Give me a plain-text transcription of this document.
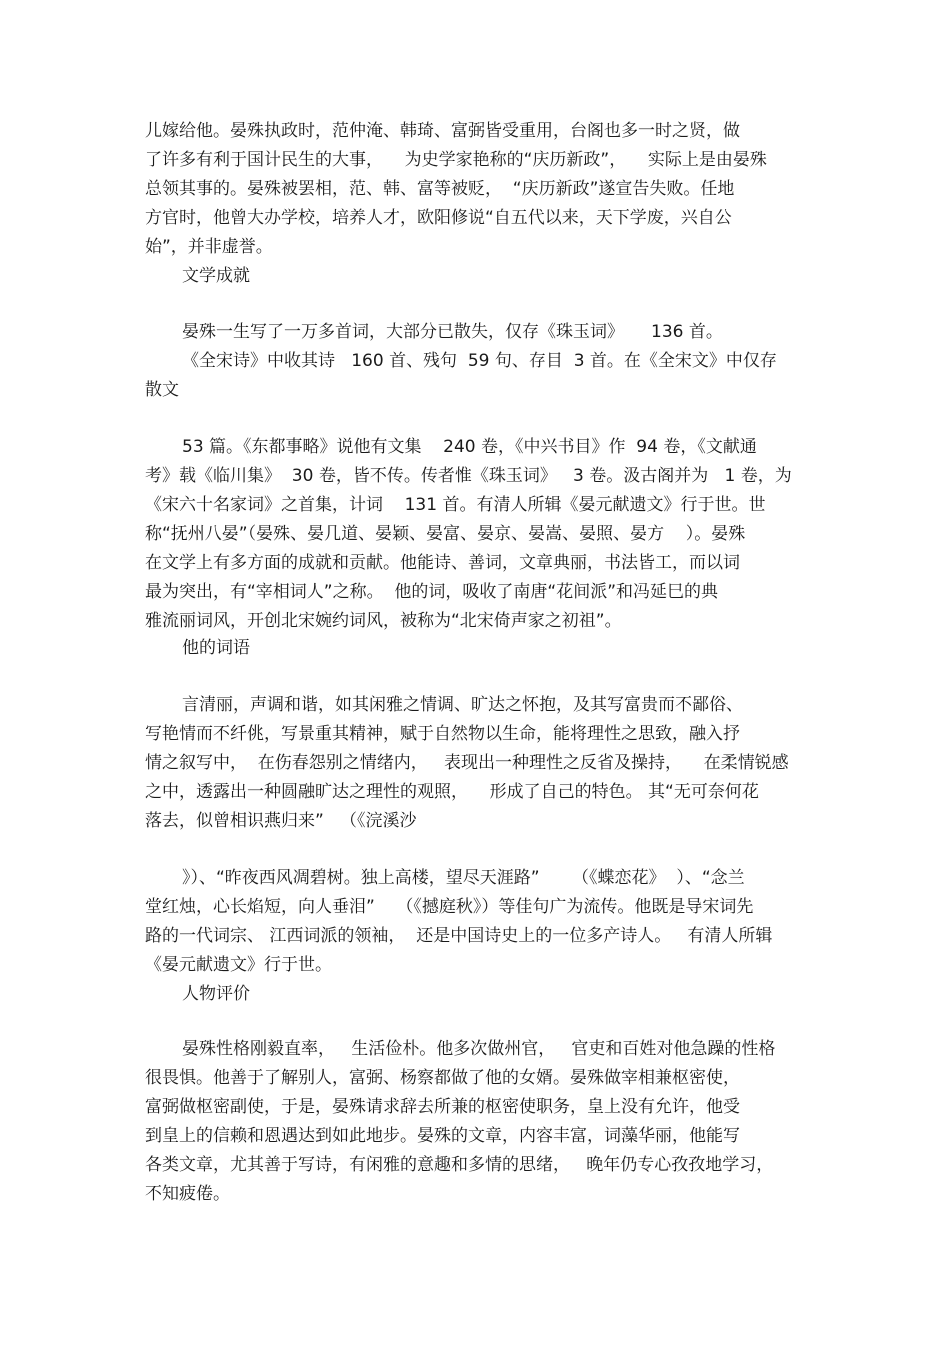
儿嫁给他。晏殊执政时，范仲淹、韩琦、富弼皆受重用，台阁也多一时之贤，做
了许多有利于国计民生的大事，    为史学家艳称的“庆历新政”，    实际上是由晏殊
总领其事的。晏殊被罢相，范、韩、富等被贬，  “庆历新政”遂宣告失败。任地
方官时，他曾大办学校，培养人才，欧阳修说“自五代以来，天下学废，兴自公
始”，并非虚誉。
文学成就
晏殊一生写了一万多首词，大部分已散失，仅存《珠玉词》     136 首。
《全宋诗》中收其诗   160 首、残句  59 句、存目  3 首。在《全宋文》中仅存
散文
53 篇。《东都事略》说他有文集    240 卷，《中兴书目》作  94 卷，《文献通
考》载《临川集》  30 卷，皆不传。传者惟《珠玉词》   3 卷。汲古阁并为   1 卷，为
《宋六十名家词》之首集，计词    131 首。有清人所辑《晏元献遗文》行于世。世
称“抚州八晏”（晏殊、晏几道、晏颖、晏富、晏京、晏嵩、晏照、晏方    ）。晏殊
在文学上有多方面的成就和贡献。他能诗、善词，文章典丽，书法皆工，而以词
最为突出，有“宰相词人”之称。  他的词，吸收了南唐“花间派”和冯延巳的典
雅流丽词风，开创北宋婉约词风，被称为“北宋倚声家之初祖”。
他的词语
言清丽，声调和谐，如其闲雅之情调、旷达之怀抱，及其写富贵而不鄙俗、
写艳情而不纤佻，写景重其精神，赋于自然物以生命，能将理性之思致，融入抒
情之叙写中，  在伤春怨别之情绪内，   表现出一种理性之反省及操持，    在柔情锐感
之中，透露出一种圆融旷达之理性的观照，    形成了自己的特色。 其“无可奈何花
落去，似曾相识燕归来”   （《浣溪沙
》）、“昨夜西风凋碧树。独上高楼，望尽天涯路”      （《蝶恋花》  ）、“念兰
堂红烛，心长焰短，向人垂泪”    （《撼庭秋》）等佳句广为流传。他既是导宋词先
路的一代词宗、 江西词派的领袖，  还是中国诗史上的一位多产诗人。   有清人所辑
《晏元献遗文》行于世。
人物评价
晏殊性格刚毅直率，   生活俭朴。他多次做州官，   官吏和百姓对他急躁的性格
很畏惧。他善于了解别人，富弼、杨察都做了他的女婿。晏殊做宰相兼枢密使，
富弼做枢密副使，于是，晏殊请求辞去所兼的枢密使职务，皇上没有允许，他受
到皇上的信赖和恩遇达到如此地步。晏殊的文章，内容丰富，词藻华丽，他能写
各类文章，尤其善于写诗，有闲雅的意趣和多情的思绪，   晚年仍专心孜孜地学习，
不知疲倦。
